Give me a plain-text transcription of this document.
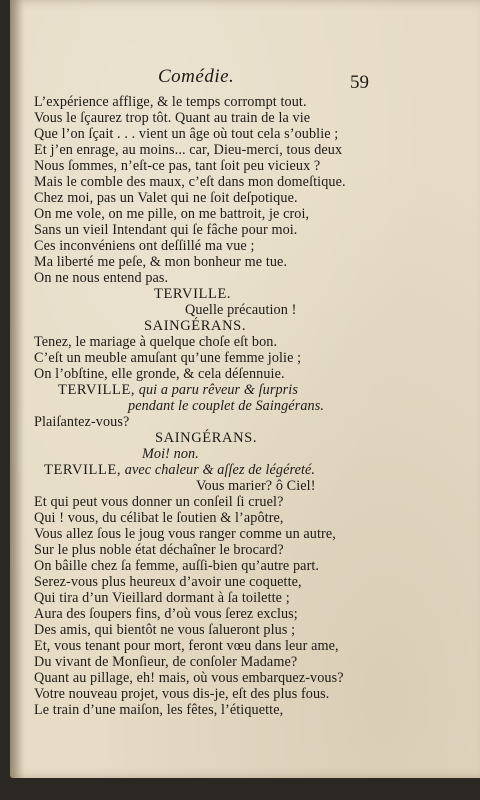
Comédie.	59
L’expérience afflige, & le temps corrompt tout.
Vous le ſçaurez trop tôt. Quant au train de la vie
Que l’on ſçait . . . vient un âge où tout cela s’oublie ;
Et j’en enrage, au moins... car, Dieu-merci, tous deux
Nous ſommes, n’eſt-ce pas, tant ſoit peu vicieux ?
Mais le comble des maux, c’eſt dans mon domeſtique.
Chez moi, pas un Valet qui ne ſoit deſpotique.
On me vole, on me pille, on me battroit, je croi,
Sans un vieil Intendant qui ſe fâche pour moi.
Ces inconvéniens ont deſſillé ma vue ;
Ma liberté me peſe, & mon bonheur me tue.
On ne nous entend pas.
TERVILLE.
Quelle précaution !
SAINGÉRANS.
Tenez, le mariage à quelque choſe eſt bon.
C’eſt un meuble amuſant qu’une femme jolie ;
On l’obſtine, elle gronde, & cela déſennuie.
TERVILLE, qui a paru rêveur & ſurpris
pendant le couplet de Saingérans.
Plaiſantez-vous?
SAINGÉRANS.
Moi! non.
TERVILLE, avec chaleur & aſſez de légéreté.
Vous marier? ô Ciel!
Et qui peut vous donner un conſeil ſi cruel?
Qui ! vous, du célibat le ſoutien & l’apôtre,
Vous allez ſous le joug vous ranger comme un autre,
Sur le plus noble état déchaîner le brocard?
On bâille chez ſa femme, auſſi-bien qu’autre part.
Serez-vous plus heureux d’avoir une coquette,
Qui tira d’un Vieillard dormant à ſa toilette ;
Aura des ſoupers fins, d’où vous ſerez exclus;
Des amis, qui bientôt ne vous ſalueront plus ;
Et, vous tenant pour mort, feront vœu dans leur ame,
Du vivant de Monſieur, de conſoler Madame?
Quant au pillage, eh! mais, où vous embarquez-vous?
Votre nouveau projet, vous dis-je, eſt des plus fous.
Le train d’une maiſon, les fêtes, l’étiquette,
